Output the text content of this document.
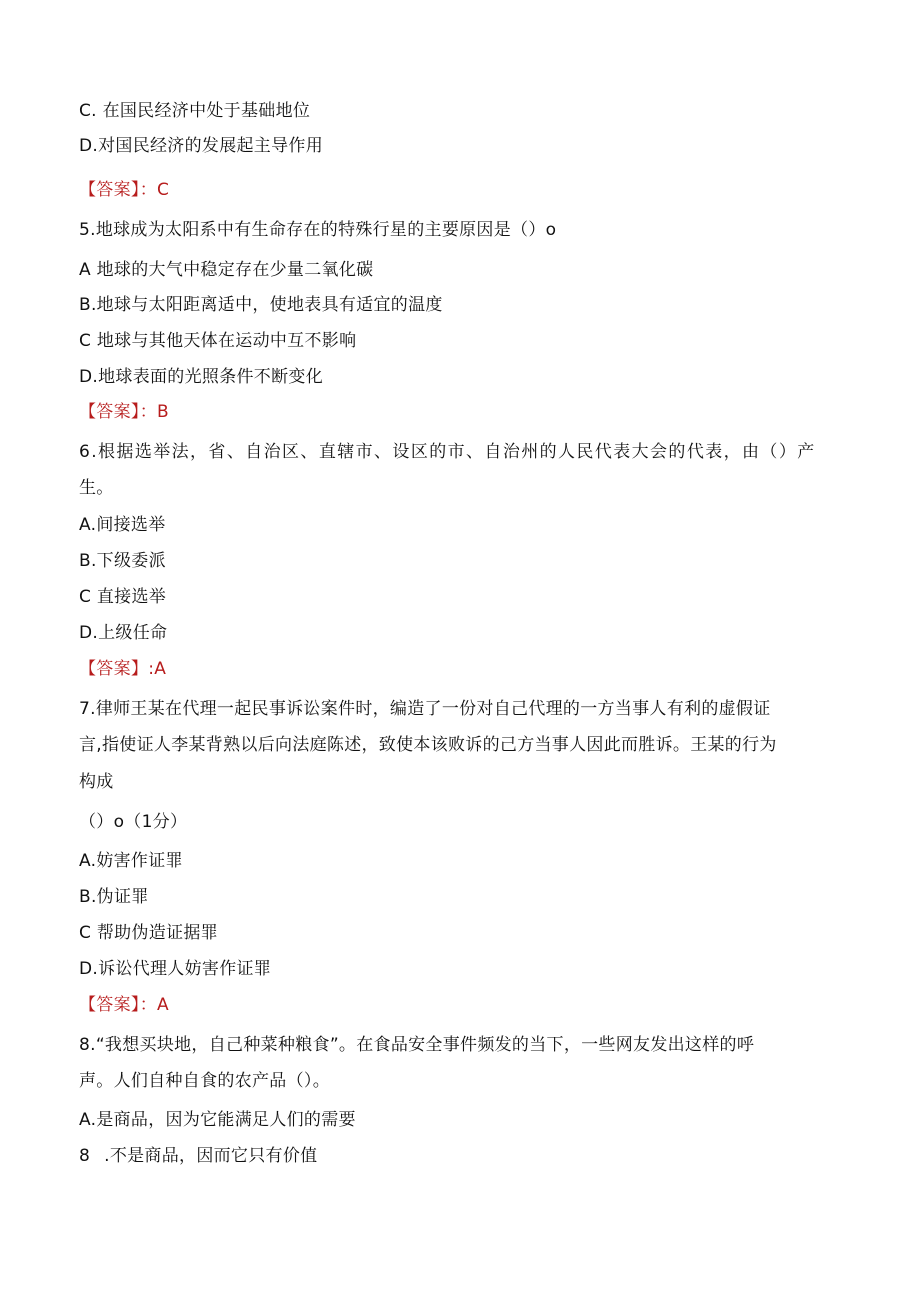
C. 在国民经济中处于基础地位

D.对国民经济的发展起主导作用

【答案】：C

5.地球成为太阳系中有生命存在的特殊行星的主要原因是（）o

A 地球的大气中稳定存在少量二氧化碳

B.地球与太阳距离适中，使地表具有适宜的温度

C 地球与其他天体在运动中互不影响

D.地球表面的光照条件不断变化

【答案】：B

6.根据选举法，省、自治区、直辖市、设区的市、自治州的人民代表大会的代表，由（）产

生。

A.间接选举

B.下级委派

C 直接选举

D.上级任命

【答案】:A

7.律师王某在代理一起民事诉讼案件时，编造了一份对自己代理的一方当事人有利的虚假证

言,指使证人李某背熟以后向法庭陈述，致使本该败诉的己方当事人因此而胜诉。王某的行为

构成

（）o（1分）

A.妨害作证罪

B.伪证罪

C 帮助伪造证据罪

D.诉讼代理人妨害作证罪

【答案】：A

8.“我想买块地，自己种菜种粮食”。在食品安全事件频发的当下，一些网友发出这样的呼

声。人们自种自食的农产品（）。

A.是商品，因为它能满足人们的需要

8 .不是商品，因而它只有价值
